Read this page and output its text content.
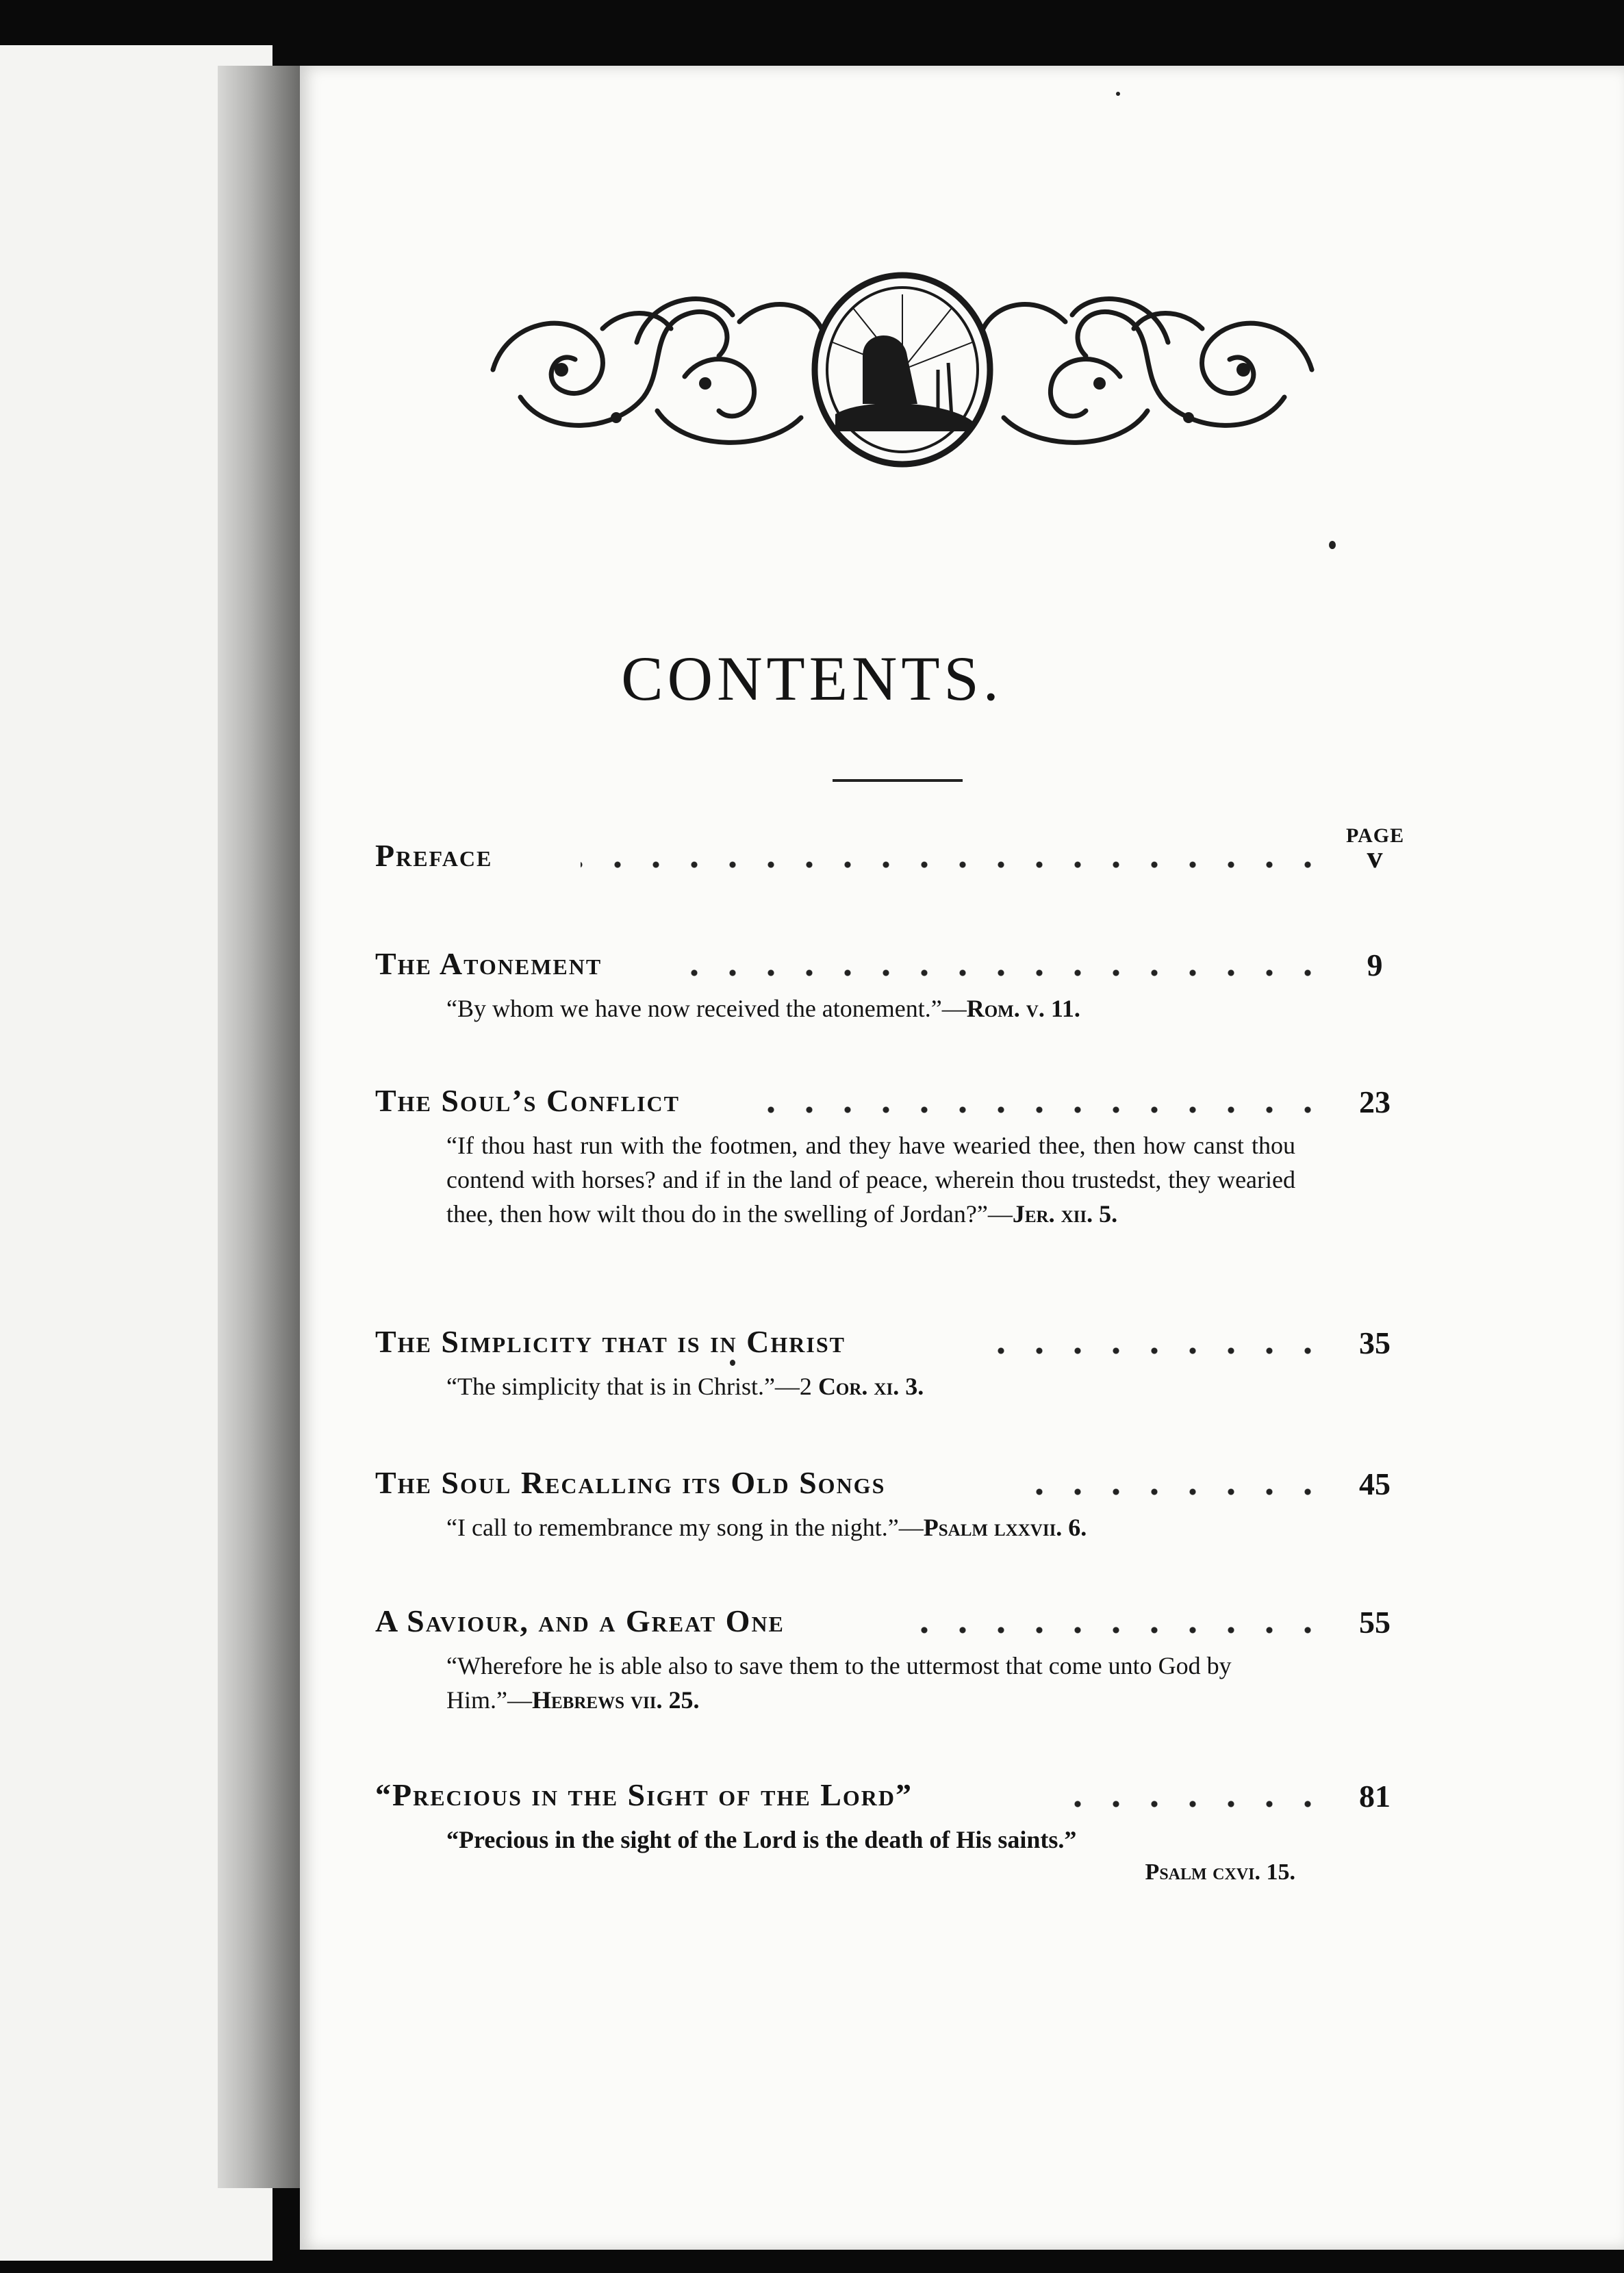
CONTENTS.
PAGE
Preface	v
The Atonement	9
“By whom we have now received the atonement.”—Rom. v. 11.
The Soul’s Conflict	23
“If thou hast run with the footmen, and they have wearied thee, then how canst thou contend with horses? and if in the land of peace, wherein thou trustedst, they wearied thee, then how wilt thou do in the swelling of Jordan?”—Jer. xii. 5.
The Simplicity that is in Christ	35
“The simplicity that is in Christ.”—2 Cor. xi. 3.
The Soul Recalling its Old Songs	45
“I call to remembrance my song in the night.”—Psalm lxxvii. 6.
A Saviour, and a Great One	55
“Wherefore he is able also to save them to the uttermost that come unto God by Him.”—Hebrews vii. 25.
“Precious in the Sight of the Lord”	81
“Precious in the sight of the Lord is the death of His saints.”
Psalm cxvi. 15.
